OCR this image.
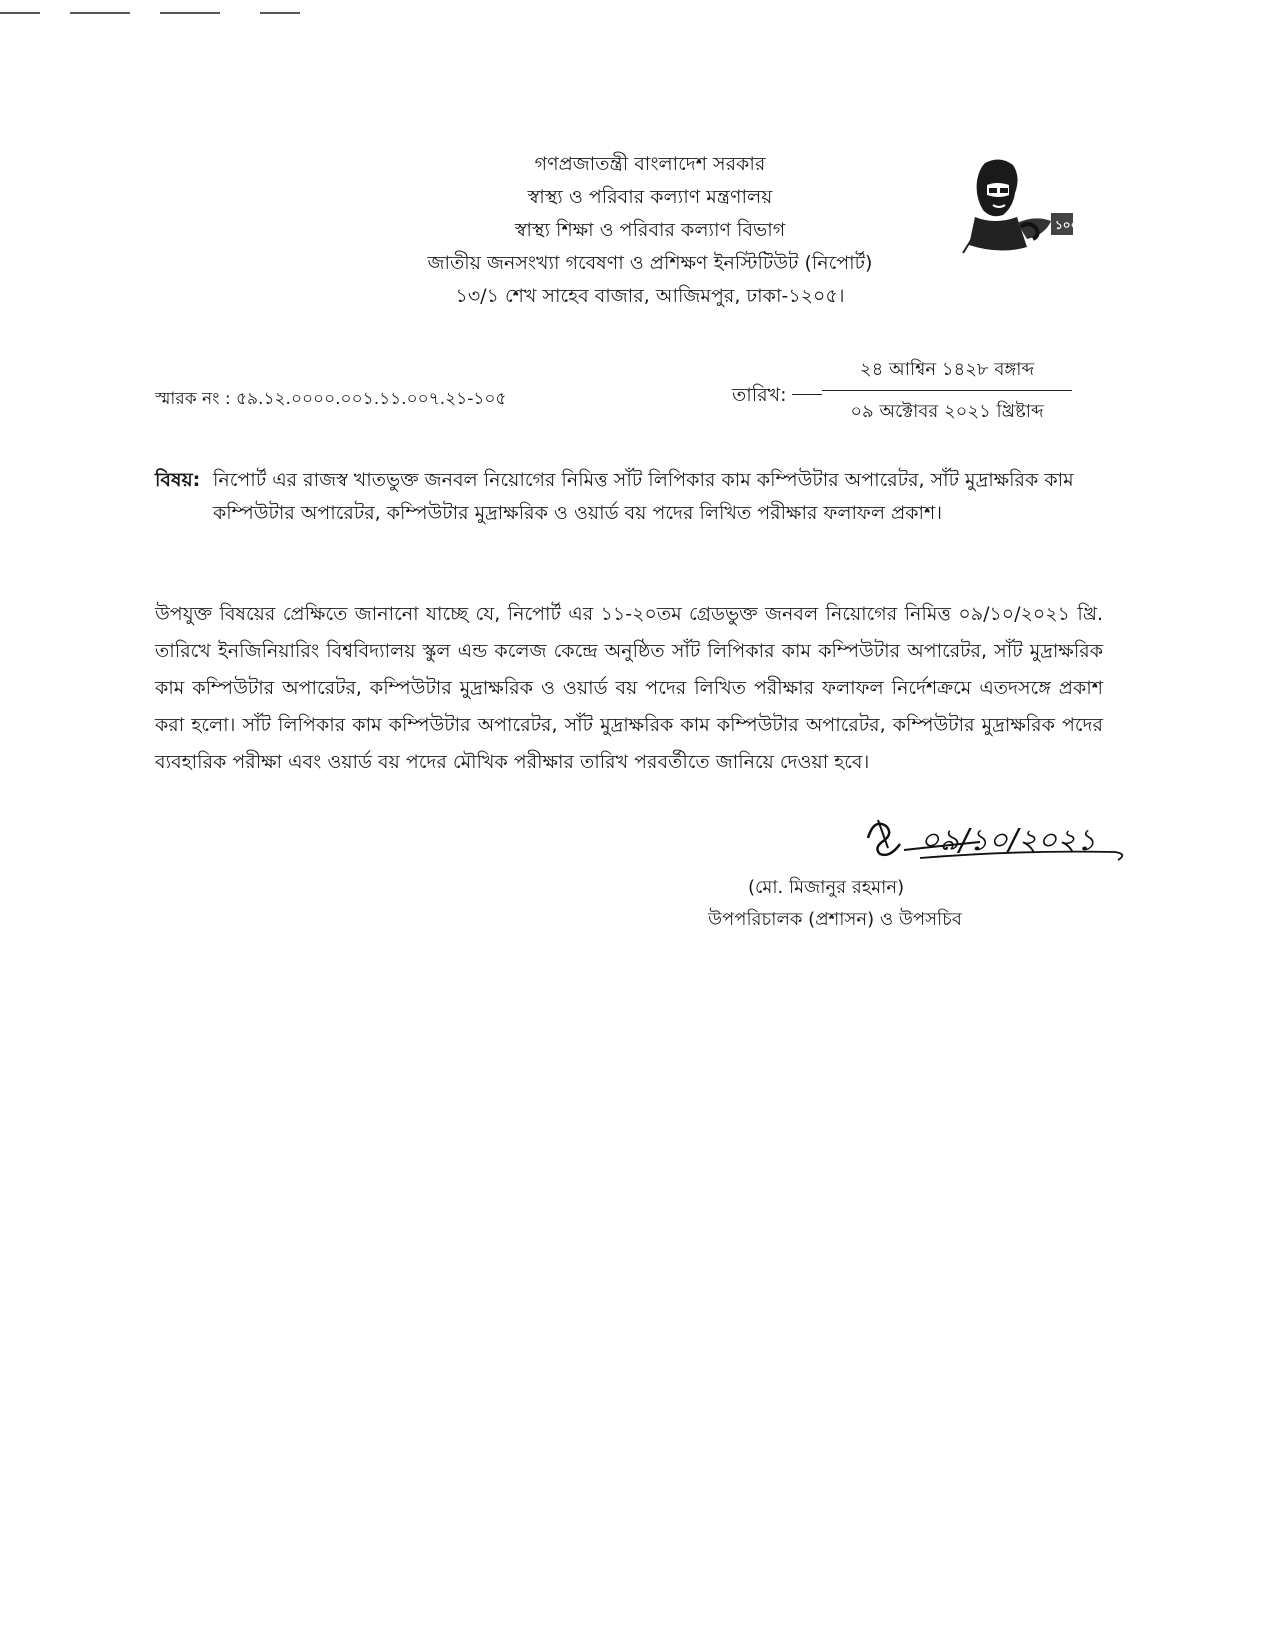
গণপ্রজাতন্ত্রী বাংলাদেশ সরকার
স্বাস্থ্য ও পরিবার কল্যাণ মন্ত্রণালয়
স্বাস্থ্য শিক্ষা ও পরিবার কল্যাণ বিভাগ
জাতীয় জনসংখ্যা গবেষণা ও প্রশিক্ষণ ইনস্টিটিউট (নিপোর্ট)
১৩/১ শেখ সাহেব বাজার, আজিমপুর, ঢাকা-১২০৫।
১০০
স্মারক নং : ৫৯.১২.০০০০.০০১.১১.০০৭.২১-১০৫	তারিখ:
২৪ আশ্বিন ১৪২৮ বঙ্গাব্দ
০৯ অক্টোবর ২০২১ খ্রিষ্টাব্দ
বিষয়: নিপোর্ট এর রাজস্ব খাতভুক্ত জনবল নিয়োগের নিমিত্ত সাঁট লিপিকার কাম কম্পিউটার অপারেটর, সাঁট মুদ্রাক্ষরিক কাম কম্পিউটার অপারেটর, কম্পিউটার মুদ্রাক্ষরিক ও ওয়ার্ড বয় পদের লিখিত পরীক্ষার ফলাফল প্রকাশ।
উপযুক্ত বিষয়ের প্রেক্ষিতে জানানো যাচ্ছে যে, নিপোর্ট এর ১১-২০তম গ্রেডভুক্ত জনবল নিয়োগের নিমিত্ত ০৯/১০/২০২১ খ্রি. তারিখে ইনজিনিয়ারিং বিশ্ববিদ্যালয় স্কুল এন্ড কলেজ কেন্দ্রে অনুষ্ঠিত সাঁট লিপিকার কাম কম্পিউটার অপারেটর, সাঁট মুদ্রাক্ষরিক কাম কম্পিউটার অপারেটর, কম্পিউটার মুদ্রাক্ষরিক ও ওয়ার্ড বয় পদের লিখিত পরীক্ষার ফলাফল নির্দেশক্রমে এতদসঙ্গে প্রকাশ করা হলো। সাঁট লিপিকার কাম কম্পিউটার অপারেটর, সাঁট মুদ্রাক্ষরিক কাম কম্পিউটার অপারেটর, কম্পিউটার মুদ্রাক্ষরিক পদের ব্যবহারিক পরীক্ষা এবং ওয়ার্ড বয় পদের মৌখিক পরীক্ষার তারিখ পরবর্তীতে জানিয়ে দেওয়া হবে।
০৯/১০/২০২১
(মো. মিজানুর রহমান)
উপপরিচালক (প্রশাসন) ও উপসচিব
